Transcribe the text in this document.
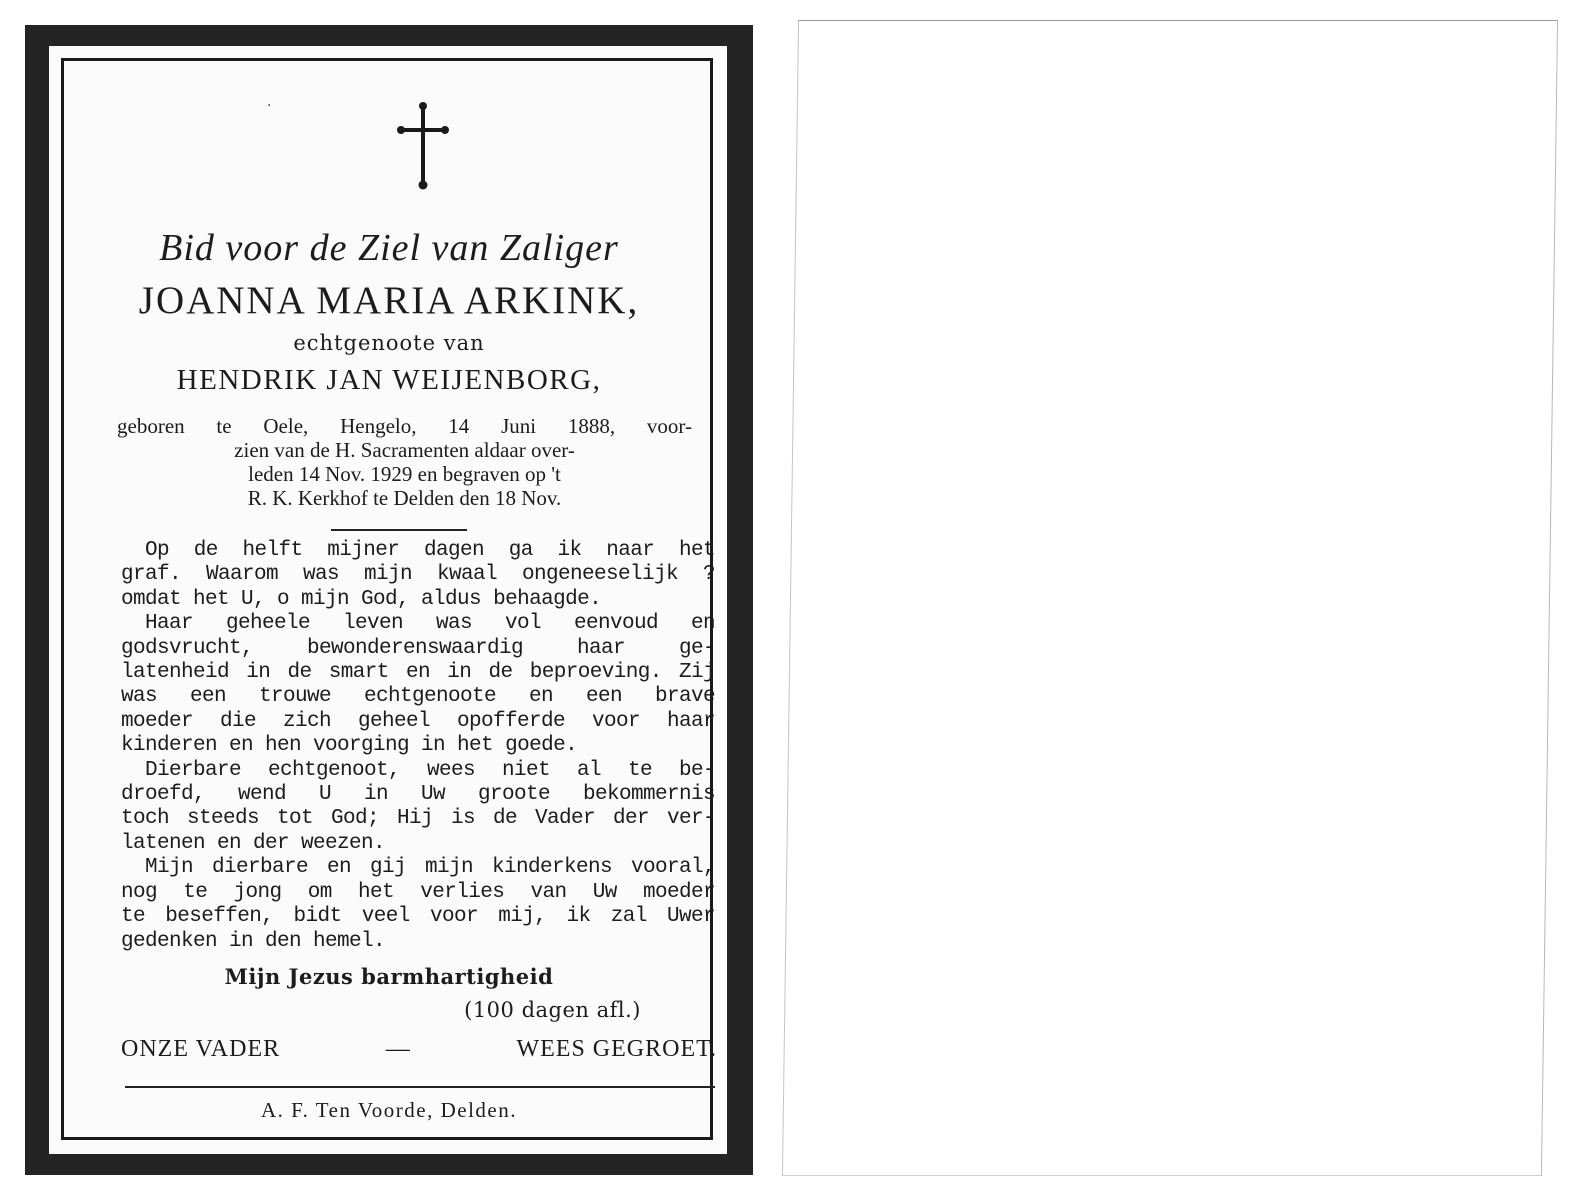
·

Bid voor de Ziel van Zaliger

JOANNA MARIA ARKINK,

echtgenoote van

HENDRIK JAN WEIJENBORG,

geboren te Oele, Hengelo, 14 Juni 1888, voor-
zien van de H. Sacramenten aldaar over-
leden 14 Nov. 1929 en begraven op 't
R. K. Kerkhof te Delden den 18 Nov.
Op de helft mijner dagen ga ik naar het
graf. Waarom was mijn kwaal ongeneeselijk ?
omdat het U, o mijn God, aldus behaagde.
Haar geheele leven was vol eenvoud en
godsvrucht, bewonderenswaardig haar ge-
latenheid in de smart en in de beproeving. Zij
was een trouwe echtgenoote en een brave
moeder die zich geheel opofferde voor haar
kinderen en hen voorging in het goede.
Dierbare echtgenoot, wees niet al te be-
droefd, wend U in Uw groote bekommernis
toch steeds tot God; Hij is de Vader der ver-
latenen en der weezen.
Mijn dierbare en gij mijn kinderkens vooral,
nog te jong om het verlies van Uw moeder
te beseffen, bidt veel voor mij, ik zal Uwer
gedenken in den hemel.
Mijn Jezus barmhartigheid
(100 dagen afl.)
ONZE VADER	—	WEES GEGROET.
A. F. Ten Voorde, Delden.
